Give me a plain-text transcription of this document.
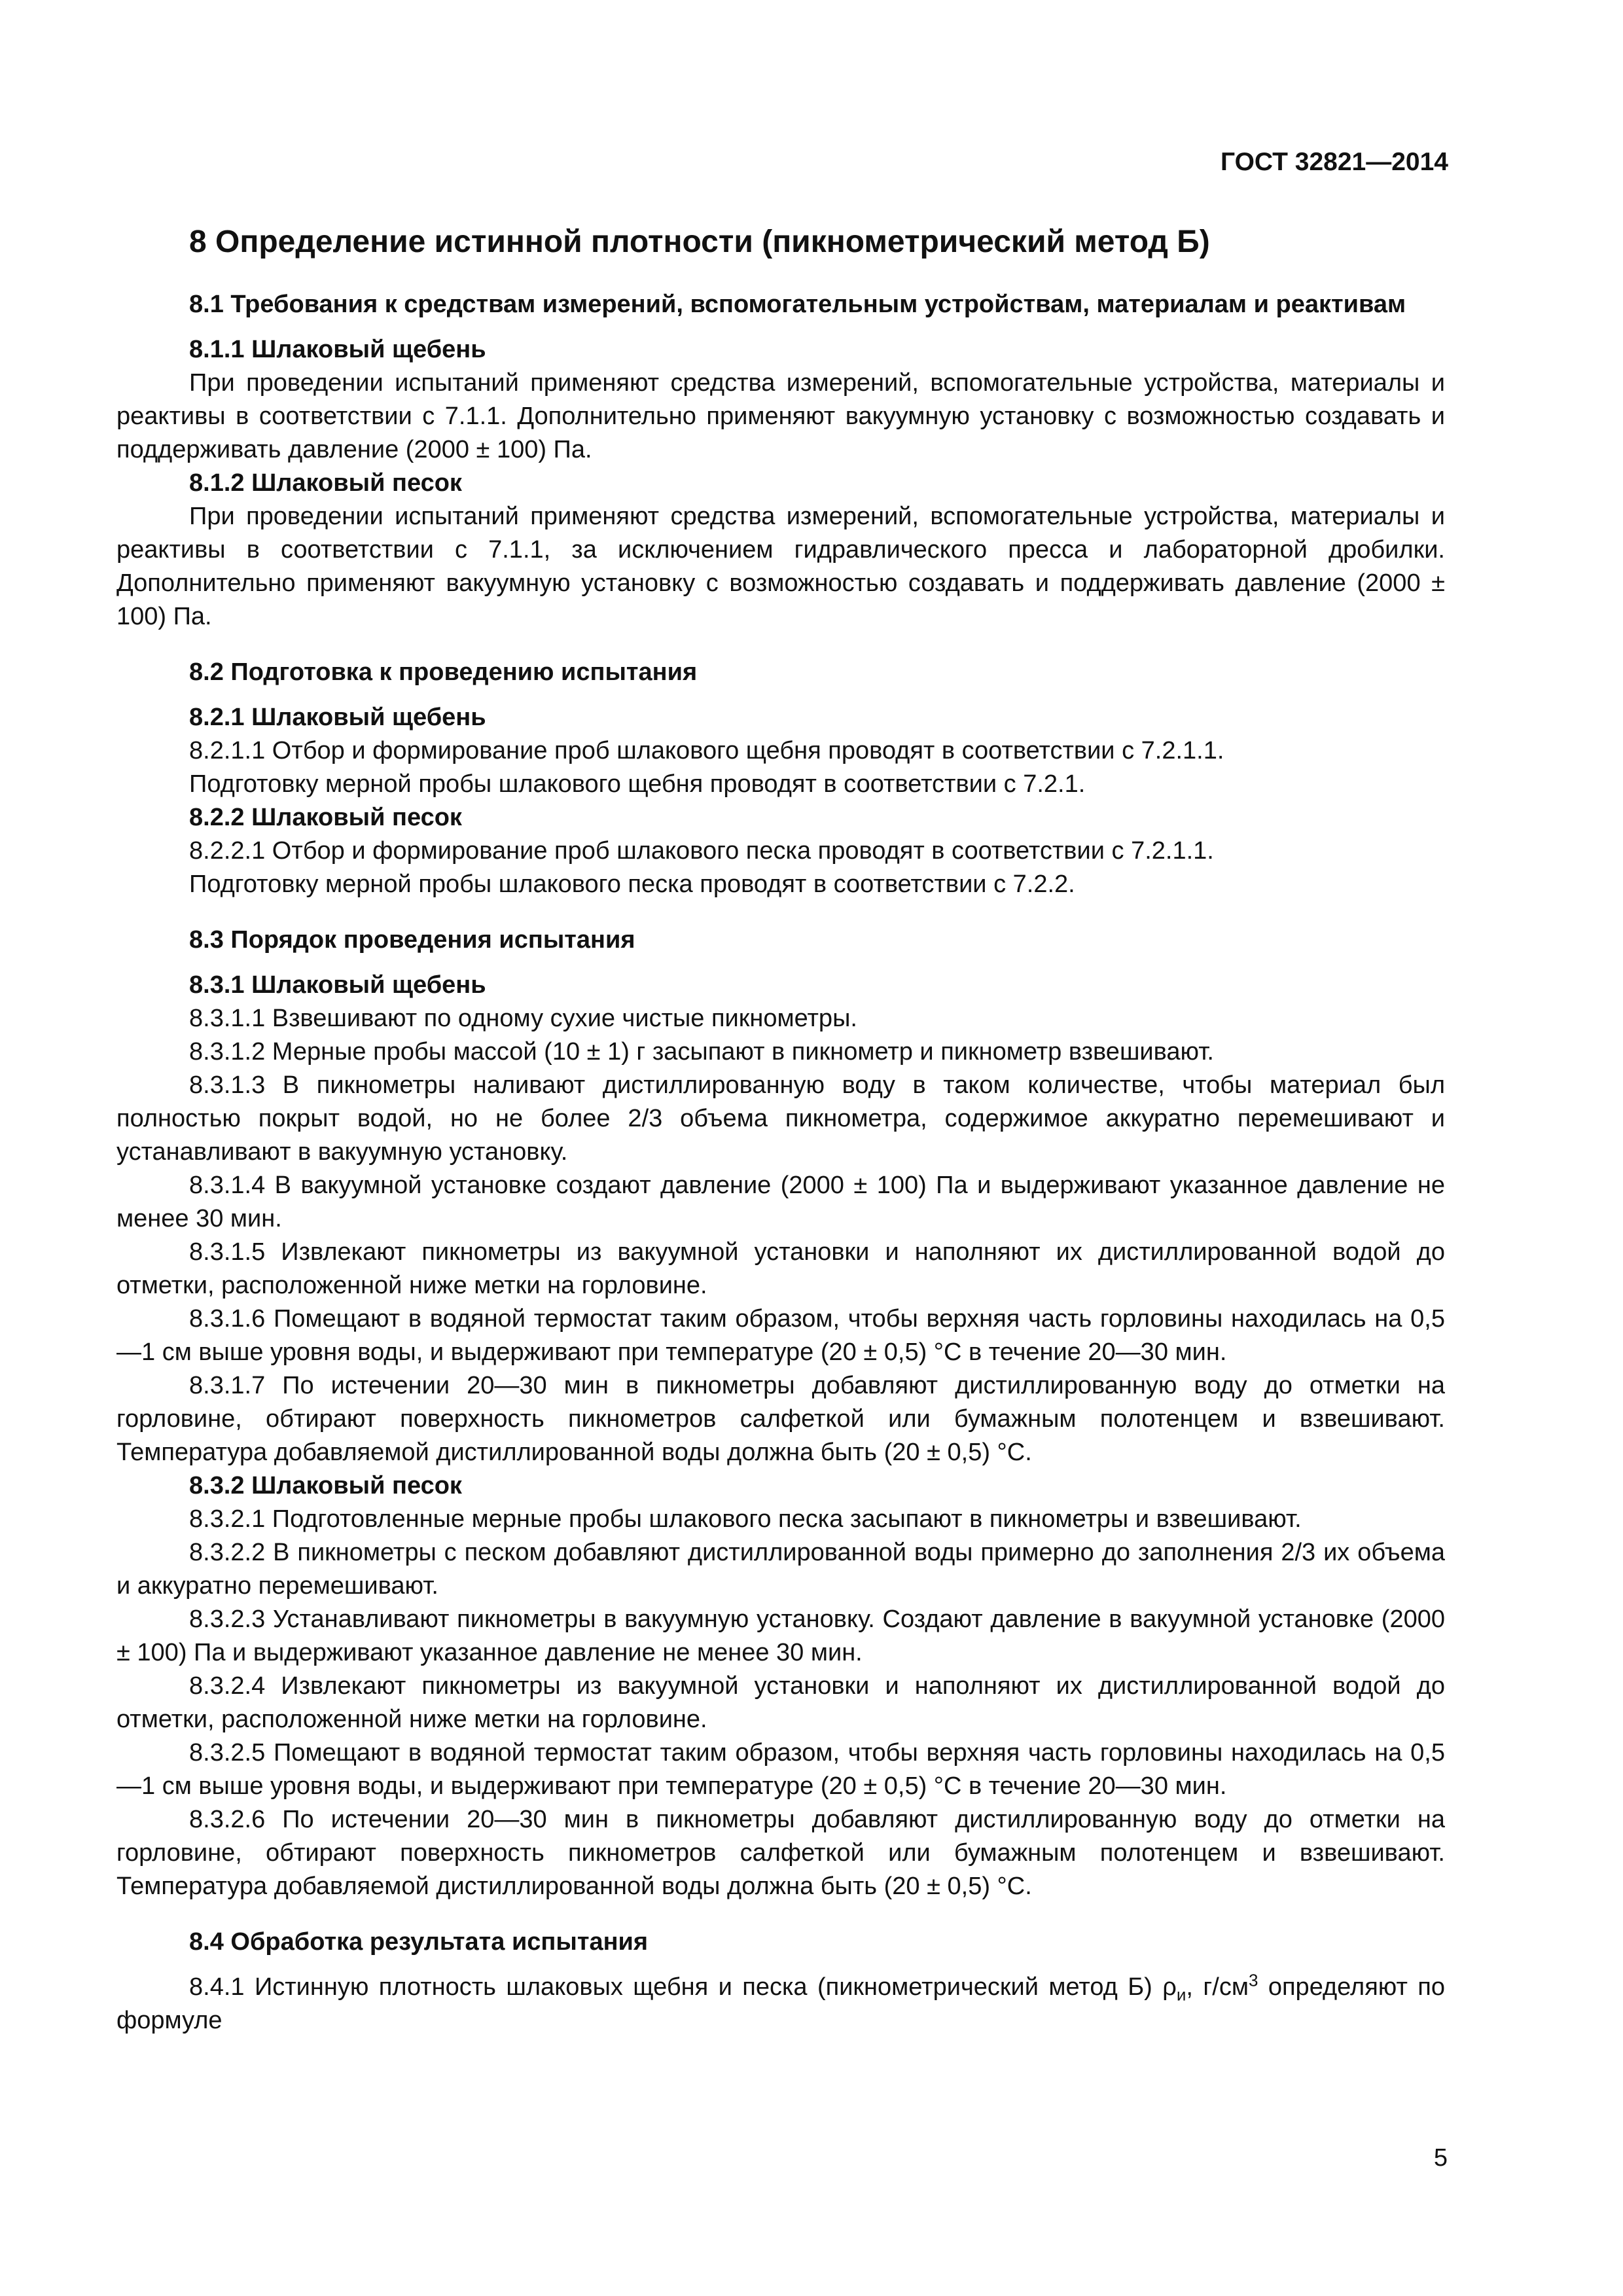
ГОСТ 32821—2014
8 Определение истинной плотности (пикнометрический метод Б)
8.1 Требования к средствам измерений, вспомогательным устройствам, материалам и реактивам
8.1.1 Шлаковый щебень

При проведении испытаний применяют средства измерений, вспомогательные устройства, материалы и реактивы в соответствии с 7.1.1. Дополнительно применяют вакуумную установку с возможностью создавать и поддерживать давление (2000 ± 100) Па.

8.1.2 Шлаковый песок

При проведении испытаний применяют средства измерений, вспомогательные устройства, материалы и реактивы в соответствии с 7.1.1, за исключением гидравлического пресса и лабораторной дробилки. Дополнительно применяют вакуумную установку с возможностью создавать и поддерживать давление (2000 ± 100) Па.

8.2 Подготовка к проведению испытания
8.2.1 Шлаковый щебень

8.2.1.1 Отбор и формирование проб шлакового щебня проводят в соответствии с 7.2.1.1.

Подготовку мерной пробы шлакового щебня проводят в соответствии с 7.2.1.

8.2.2 Шлаковый песок

8.2.2.1 Отбор и формирование проб шлакового песка проводят в соответствии с 7.2.1.1.

Подготовку мерной пробы шлакового песка проводят в соответствии с 7.2.2.

8.3 Порядок проведения испытания
8.3.1 Шлаковый щебень

8.3.1.1 Взвешивают по одному сухие чистые пикнометры.

8.3.1.2 Мерные пробы массой (10 ± 1) г засыпают в пикнометр и пикнометр взвешивают.

8.3.1.3 В пикнометры наливают дистиллированную воду в таком количестве, чтобы материал был полностью покрыт водой, но не более 2/3 объема пикнометра, содержимое аккуратно перемешивают и устанавливают в вакуумную установку.

8.3.1.4 В вакуумной установке создают давление (2000 ± 100) Па и выдерживают указанное давление не менее 30 мин.

8.3.1.5 Извлекают пикнометры из вакуумной установки и наполняют их дистиллированной водой до отметки, расположенной ниже метки на горловине.

8.3.1.6 Помещают в водяной термостат таким образом, чтобы верхняя часть горловины находилась на 0,5—1 см выше уровня воды, и выдерживают при температуре (20 ± 0,5) °С в течение 20—30 мин.

8.3.1.7 По истечении 20—30 мин в пикнометры добавляют дистиллированную воду до отметки на горловине, обтирают поверхность пикнометров салфеткой или бумажным полотенцем и взвешивают. Температура добавляемой дистиллированной воды должна быть (20 ± 0,5) °С.

8.3.2 Шлаковый песок

8.3.2.1 Подготовленные мерные пробы шлакового песка засыпают в пикнометры и взвешивают.

8.3.2.2 В пикнометры с песком добавляют дистиллированной воды примерно до заполнения 2/3 их объема и аккуратно перемешивают.

8.3.2.3 Устанавливают пикнометры в вакуумную установку. Создают давление в вакуумной установке (2000 ± 100) Па и выдерживают указанное давление не менее 30 мин.

8.3.2.4 Извлекают пикнометры из вакуумной установки и наполняют их дистиллированной водой до отметки, расположенной ниже метки на горловине.

8.3.2.5 Помещают в водяной термостат таким образом, чтобы верхняя часть горловины находилась на 0,5—1 см выше уровня воды, и выдерживают при температуре (20 ± 0,5) °С в течение 20—30 мин.

8.3.2.6 По истечении 20—30 мин в пикнометры добавляют дистиллированную воду до отметки на горловине, обтирают поверхность пикнометров салфеткой или бумажным полотенцем и взвешивают. Температура добавляемой дистиллированной воды должна быть (20 ± 0,5) °С.

8.4 Обработка результата испытания

8.4.1 Истинную плотность шлаковых щебня и песка (пикнометрический метод Б) $\rho_и$, $г/см^3$ определяют по формуле

5
